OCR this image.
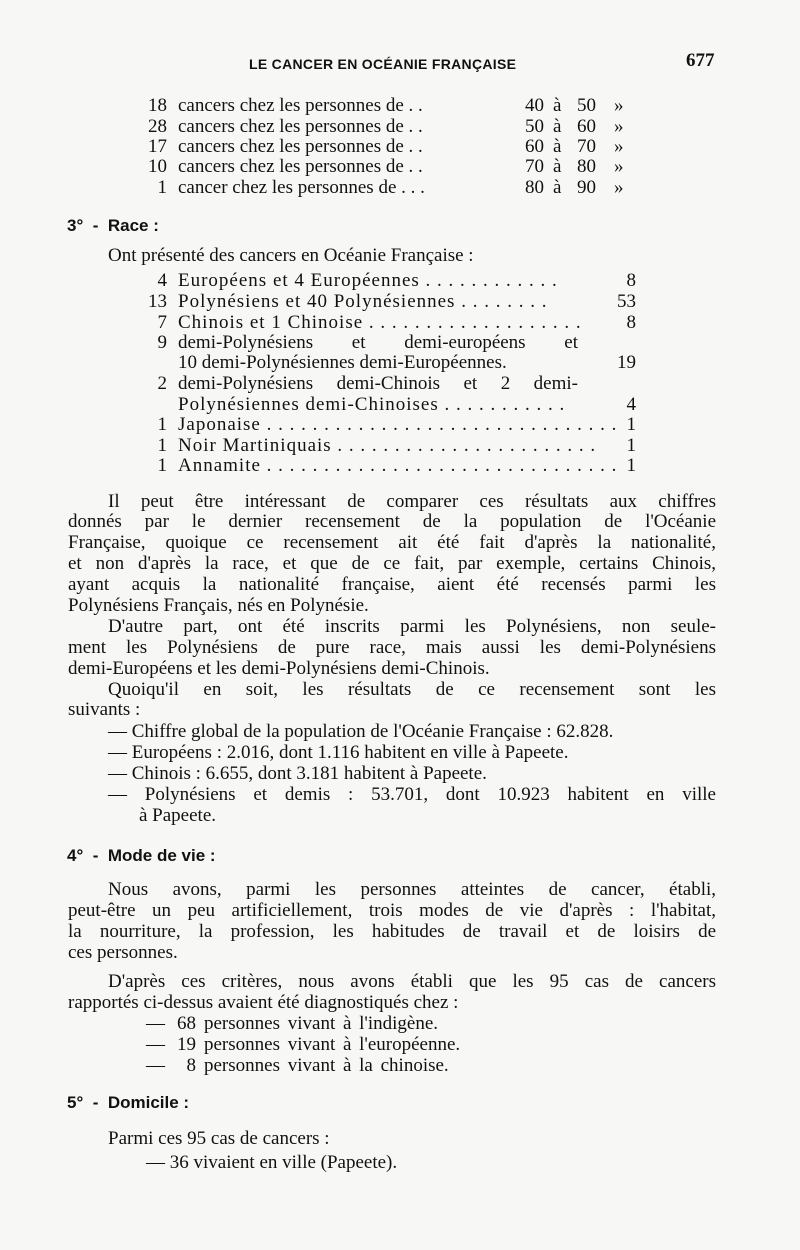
LE CANCER EN OCÉANIE FRANÇAISE	677
18 cancers chez les personnes de . .	40 à 50 »
28 cancers chez les personnes de . .	50 à 60 »
17 cancers chez les personnes de . .	60 à 70 »
10 cancers chez les personnes de . .	70 à 80 »
1 cancer chez les personnes de . . .	80 à 90 »
3° - Race :
Ont présenté des cancers en Océanie Française :
4 Européens et 4 Européennes . . . . . . . . . . . .	8
13 Polynésiens et 40 Polynésiennes . . . . . . . .	53
7 Chinois et 1 Chinoise . . . . . . . . . . . . . . . . . . .	8
9 demi-Polynésiens et demi-européens et
10 demi-Polynésiennes demi-Européennes.	19
2 demi-Polynésiens demi-Chinois et 2 demi-
Polynésiennes demi-Chinoises . . . . . . . . . . .	4
1 Japonaise . . . . . . . . . . . . . . . . . . . . . . . . . . . . . . . 1
1 Noir Martiniquais . . . . . . . . . . . . . . . . . . . . . . .	1
1 Annamite . . . . . . . . . . . . . . . . . . . . . . . . . . . . . . . 1
Il peut être intéressant de comparer ces résultats aux chiffres
donnés par le dernier recensement de la population de l'Océanie
Française, quoique ce recensement ait été fait d'après la nationalité,
et non d'après la race, et que de ce fait, par exemple, certains Chinois,
ayant acquis la nationalité française, aient été recensés parmi les
Polynésiens Français, nés en Polynésie.
D'autre part, ont été inscrits parmi les Polynésiens, non seule-
ment les Polynésiens de pure race, mais aussi les demi-Polynésiens
demi-Européens et les demi-Polynésiens demi-Chinois.
Quoiqu'il en soit, les résultats de ce recensement sont les
suivants :
— Chiffre global de la population de l'Océanie Française : 62.828.
— Européens : 2.016, dont 1.116 habitent en ville à Papeete.
— Chinois : 6.655, dont 3.181 habitent à Papeete.
— Polynésiens et demis : 53.701, dont 10.923 habitent en ville
à Papeete.
4° - Mode de vie :
Nous avons, parmi les personnes atteintes de cancer, établi,
peut-être un peu artificiellement, trois modes de vie d'après : l'habitat,
la nourriture, la profession, les habitudes de travail et de loisirs de
ces personnes.
D'après ces critères, nous avons établi que les 95 cas de cancers
rapportés ci-dessus avaient été diagnostiqués chez :
— 68 personnes vivant à l'indigène.
— 19 personnes vivant à l'européenne.
—	8 personnes vivant à la chinoise.
5° - Domicile :
Parmi ces 95 cas de cancers :
— 36 vivaient en ville (Papeete).
